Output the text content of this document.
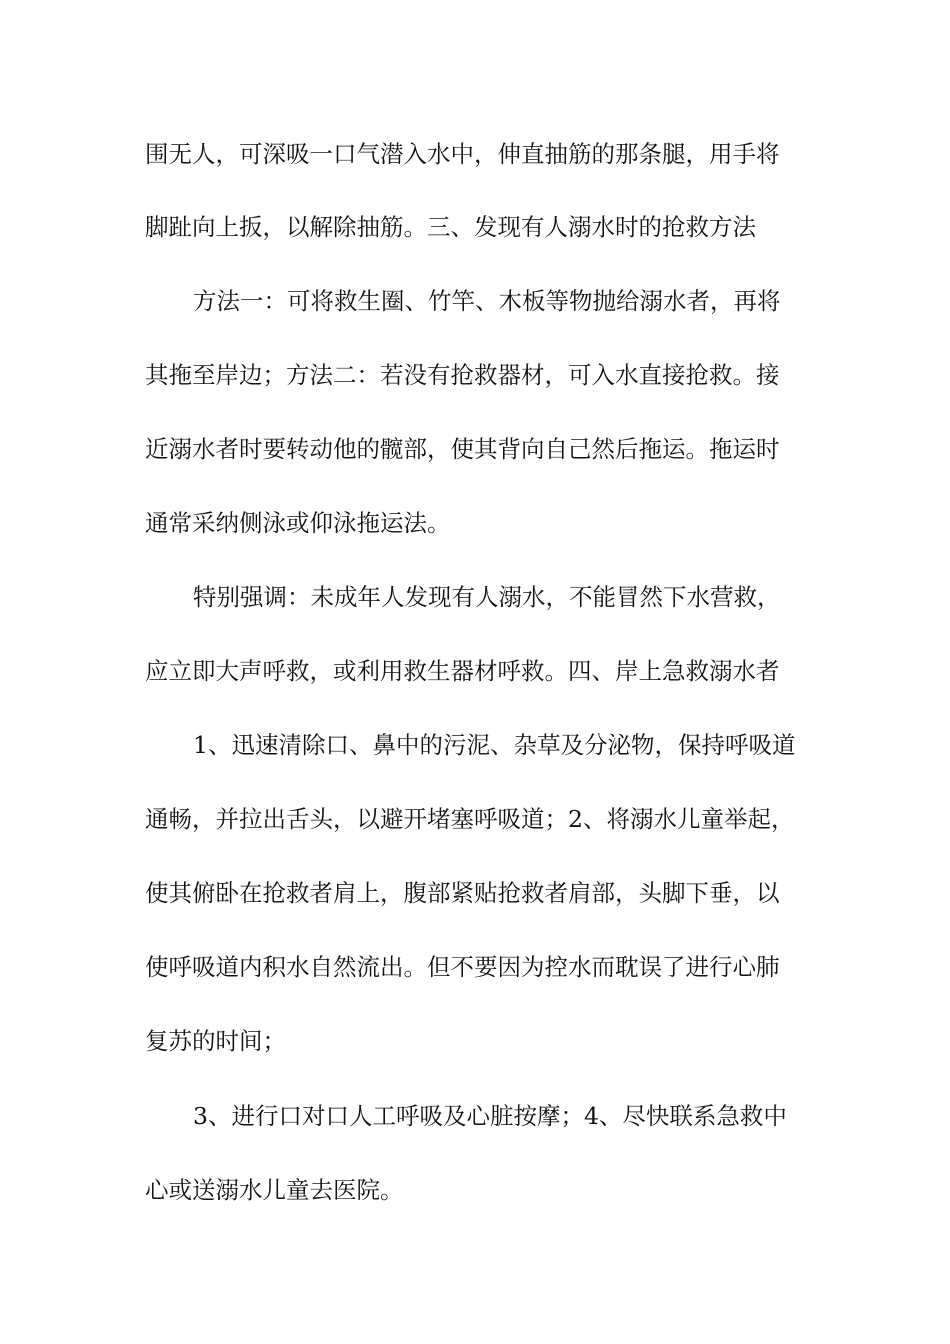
围无人，可深吸一口气潜入水中，伸直抽筋的那条腿，用手将
脚趾向上扳，以解除抽筋。三、发现有人溺水时的抢救方法
方法一：可将救生圈、竹竿、木板等物抛给溺水者，再将
其拖至岸边；方法二：若没有抢救器材，可入水直接抢救。接
近溺水者时要转动他的髋部，使其背向自己然后拖运。拖运时
通常采纳侧泳或仰泳拖运法。
特别强调：未成年人发现有人溺水，不能冒然下水营救，
应立即大声呼救，或利用救生器材呼救。四、岸上急救溺水者
1、迅速清除口、鼻中的污泥、杂草及分泌物，保持呼吸道
通畅，并拉出舌头，以避开堵塞呼吸道；2、将溺水儿童举起，
使其俯卧在抢救者肩上，腹部紧贴抢救者肩部，头脚下垂，以
使呼吸道内积水自然流出。但不要因为控水而耽误了进行心肺
复苏的时间；
3、进行口对口人工呼吸及心脏按摩；4、尽快联系急救中
心或送溺水儿童去医院。
